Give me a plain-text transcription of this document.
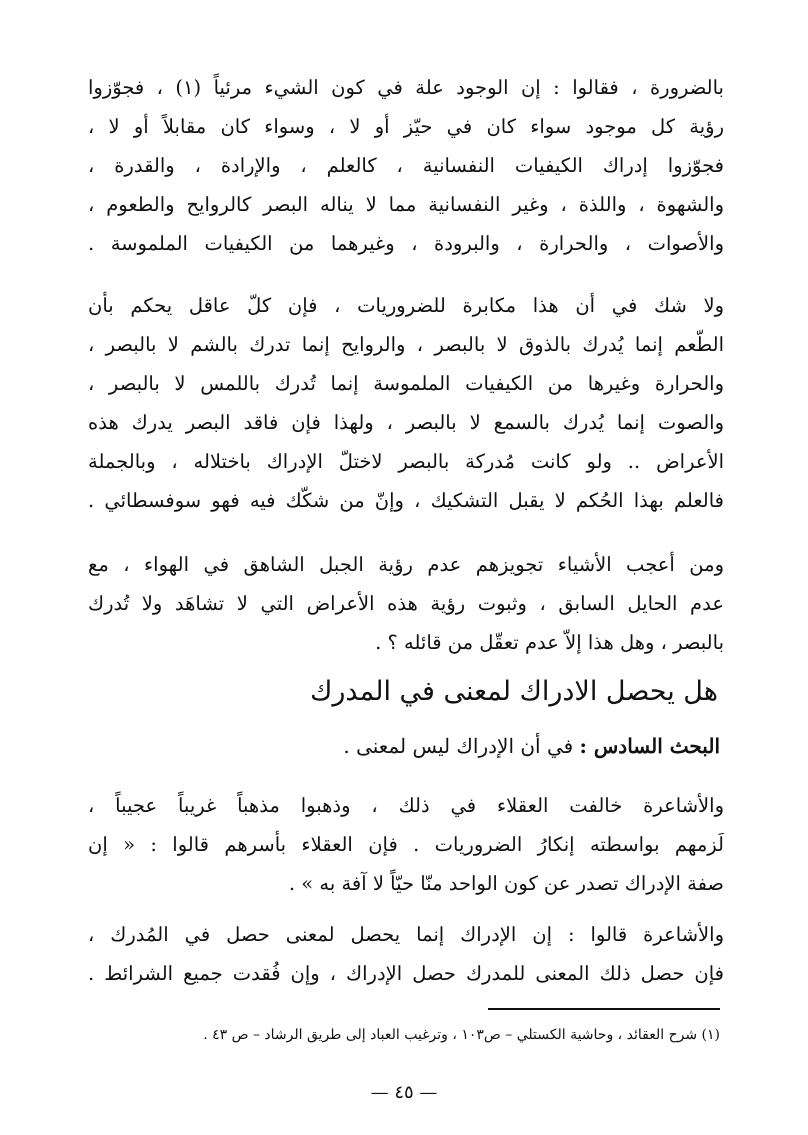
بالضرورة ، فقالوا : إن الوجود علة في كون الشيء مرئياً (١) ، فجوّزوا
رؤية كل موجود سواء كان في حيّز أو لا ، وسواء كان مقابلاً أو لا ،
فجوّزوا إدراك الكيفيات النفسانية ، كالعلم ، والإرادة ، والقدرة ،
والشهوة ، واللذة ، وغير النفسانية مما لا يناله البصر كالروايح والطعوم ،
والأصوات ، والحرارة ، والبرودة ، وغيرهما من الكيفيات الملموسة .
ولا شك في أن هذا مكابرة للضروريات ، فإن كلّ عاقل يحكم بأن
الطّعم إنما يُدرك بالذوق لا بالبصر ، والروايح إنما تدرك بالشم لا بالبصر ،
والحرارة وغيرها من الكيفيات الملموسة إنما تُدرك باللمس لا بالبصر ،
والصوت إنما يُدرك بالسمع لا بالبصر ، ولهذا فإن فاقد البصر يدرك هذه
الأعراض .. ولو كانت مُدركة بالبصر لاختلّ الإدراك باختلاله ، وبالجملة
فالعلم بهذا الحُكم لا يقبل التشكيك ، وإنّ من شكّك فيه فهو سوفسطائي .
ومن أعجب الأشياء تجويزهم عدم رؤية الجبل الشاهق في الهواء ، مع
عدم الحايل السابق ، وثبوت رؤية هذه الأعراض التي لا تشاهَد ولا تُدرك
بالبصر ، وهل هذا إلاّ عدم تعقّل من قائله ؟ .
هل يحصل الادراك لمعنى في المدرك

البحث السادس : في أن الإدراك ليس لمعنى .

والأشاعرة خالفت العقلاء في ذلك ، وذهبوا مذهباً غريباً عجيباً ،
لَزمهم بواسطته إنكارُ الضروريات . فإن العقلاء بأسرهم قالوا : « إن
صفة الإدراك تصدر عن كون الواحد منّا حيّاً لا آفة به » .
والأشاعرة قالوا : إن الإدراك إنما يحصل لمعنى حصل في المُدرك ،
فإن حصل ذلك المعنى للمدرك حصل الإدراك ، وإن فُقدت جميع الشرائط .

(١) شرح العقائد ، وحاشية الكستلي – ص١٠٣ ، وترغيب العباد إلى طريق الرشاد – ص ٤٣ .

— ٤٥ —
